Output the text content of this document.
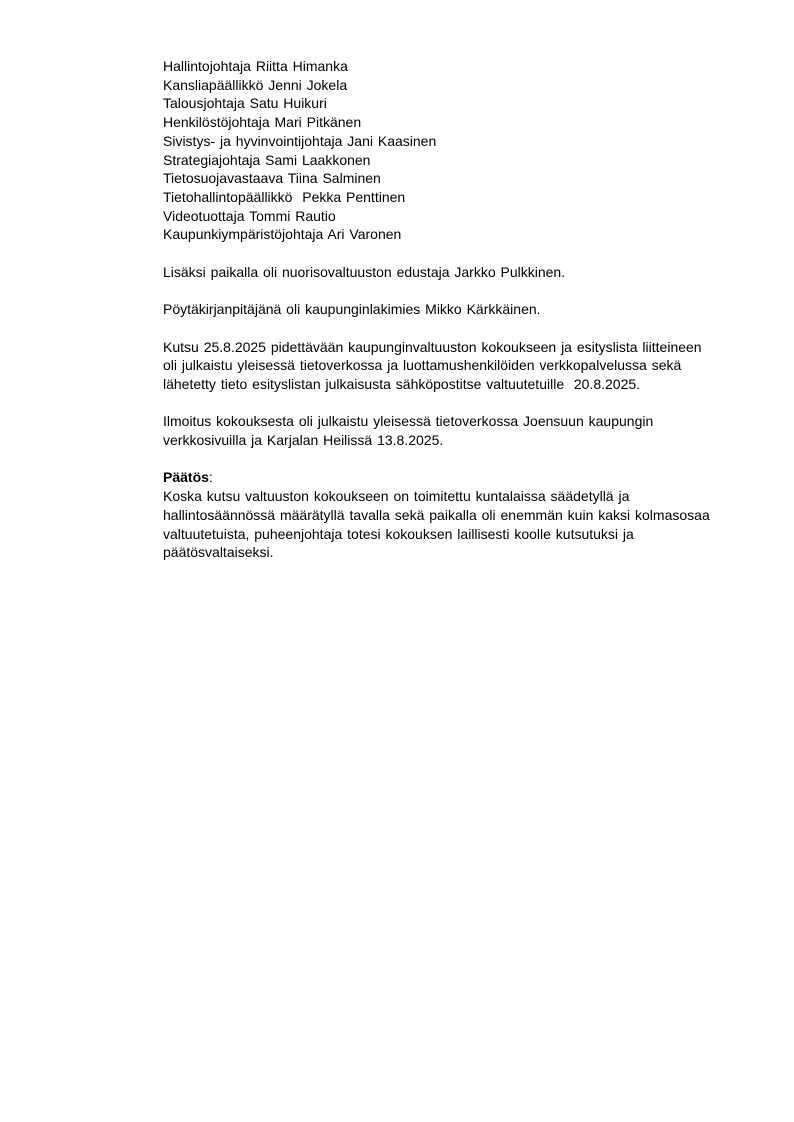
Hallintojohtaja Riitta Himanka
Kansliapäällikkö Jenni Jokela
Talousjohtaja Satu Huikuri
Henkilöstöjohtaja Mari Pitkänen
Sivistys- ja hyvinvointijohtaja Jani Kaasinen
Strategiajohtaja Sami Laakkonen
Tietosuojavastaava Tiina Salminen
Tietohallintopäällikkö  Pekka Penttinen
Videotuottaja Tommi Rautio
Kaupunkiympäristöjohtaja Ari Varonen
Lisäksi paikalla oli nuorisovaltuuston edustaja Jarkko Pulkkinen.
Pöytäkirjanpitäjänä oli kaupunginlakimies Mikko Kärkkäinen.
Kutsu 25.8.2025 pidettävään kaupunginvaltuuston kokoukseen ja esityslista liitteineen
oli julkaistu yleisessä tietoverkossa ja luottamushenkilöiden verkkopalvelussa sekä
lähetetty tieto esityslistan julkaisusta sähköpostitse valtuutetuille  20.8.2025.
Ilmoitus kokouksesta oli julkaistu yleisessä tietoverkossa Joensuun kaupungin
verkkosivuilla ja Karjalan Heilissä 13.8.2025.
Päätös:
Koska kutsu valtuuston kokoukseen on toimitettu kuntalaissa säädetyllä ja
hallintosäännössä määrätyllä tavalla sekä paikalla oli enemmän kuin kaksi kolmasosaa
valtuutetuista, puheenjohtaja totesi kokouksen laillisesti koolle kutsutuksi ja
päätösvaltaiseksi.
